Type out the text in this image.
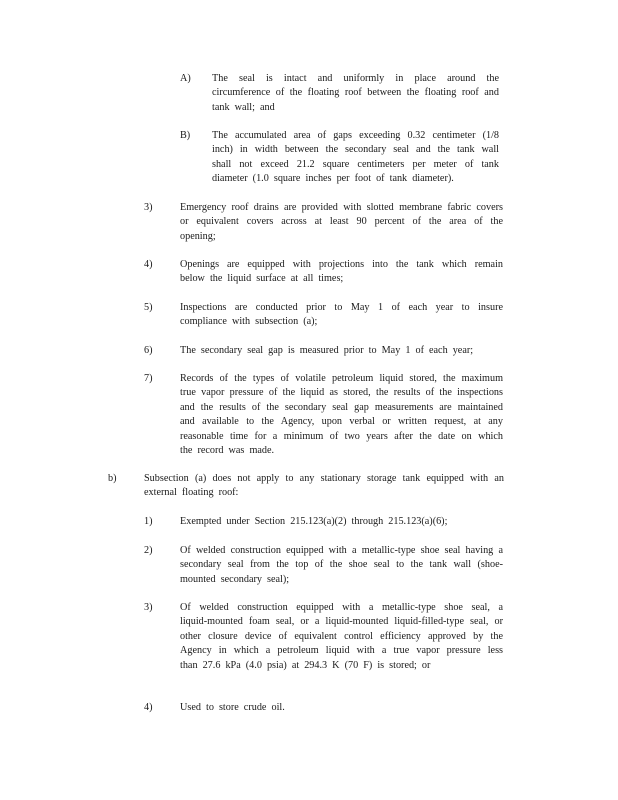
A) The seal is intact and uniformly in place around the circumference of the floating roof between the floating roof and tank wall; and
B) The accumulated area of gaps exceeding 0.32 centimeter (1/8 inch) in width between the secondary seal and the tank wall shall not exceed 21.2 square centimeters per meter of tank diameter (1.0 square inches per foot of tank diameter).
3)	Emergency roof drains are provided with slotted membrane fabric covers or equivalent covers across at least 90 percent of the area of the opening;
4)	Openings are equipped with projections into the tank which remain below the liquid surface at all times;
5)	Inspections are conducted prior to May 1 of each year to insure compliance with subsection (a);
6)	The secondary seal gap is measured prior to May 1 of each year;
7)	Records of the types of volatile petroleum liquid stored, the maximum true vapor pressure of the liquid as stored, the results of the inspections and the results of the secondary seal gap measurements are maintained and available to the Agency, upon verbal or written request, at any reasonable time for a minimum of two years after the date on which the record was made.
b)	Subsection (a) does not apply to any stationary storage tank equipped with an external floating roof:
1)	Exempted under Section 215.123(a)(2) through 215.123(a)(6);
2)	Of welded construction equipped with a metallic-type shoe seal having a secondary seal from the top of the shoe seal to the tank wall (shoe-mounted secondary seal);
3)	Of welded construction equipped with a metallic-type shoe seal, a liquid-mounted foam seal, or a liquid-mounted liquid-filled-type seal, or other closure device of equivalent control efficiency approved by the Agency in which a petroleum liquid with a true vapor pressure less than 27.6 kPa (4.0 psia) at 294.3 K (70 F) is stored; or
4)	Used to store crude oil.
